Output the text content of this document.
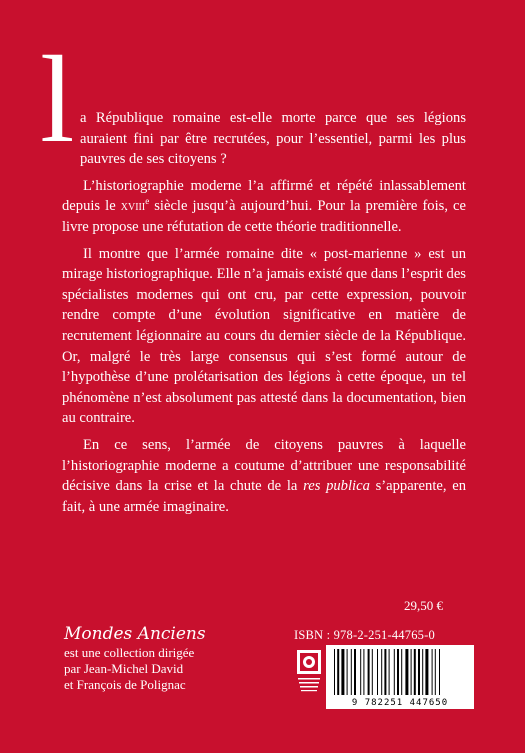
l a République romaine est-elle morte parce que ses légions auraient fini par être recrutées, pour l’essentiel, parmi les plus pauvres de ses citoyens ?

L’historiographie moderne l’a affirmé et répété inlassablement depuis le xviii$^e$ siècle jusqu’à aujourd’hui. Pour la première fois, ce livre propose une réfutation de cette théorie traditionnelle.

Il montre que l’armée romaine dite « post-marienne » est un mirage historiographique. Elle n’a jamais existé que dans l’esprit des spécialistes modernes qui ont cru, par cette expression, pouvoir rendre compte d’une évolution significative en matière de recrutement légionnaire au cours du dernier siècle de la République. Or, malgré le très large consensus qui s’est formé autour de l’hypothèse d’une prolétarisation des légions à cette époque, un tel phénomène n’est absolument pas attesté dans la documentation, bien au contraire.

En ce sens, l’armée de citoyens pauvres à laquelle l’historiographie moderne a coutume d’attribuer une responsabilité décisive dans la crise et la chute de la res publica s’apparente, en fait, à une armée imaginaire.

Mondes Anciens
est une collection dirigée
par Jean-Michel David
et François de Polignac
29,50 €
ISBN : 978-2-251-44765-0
9 782251 447650
